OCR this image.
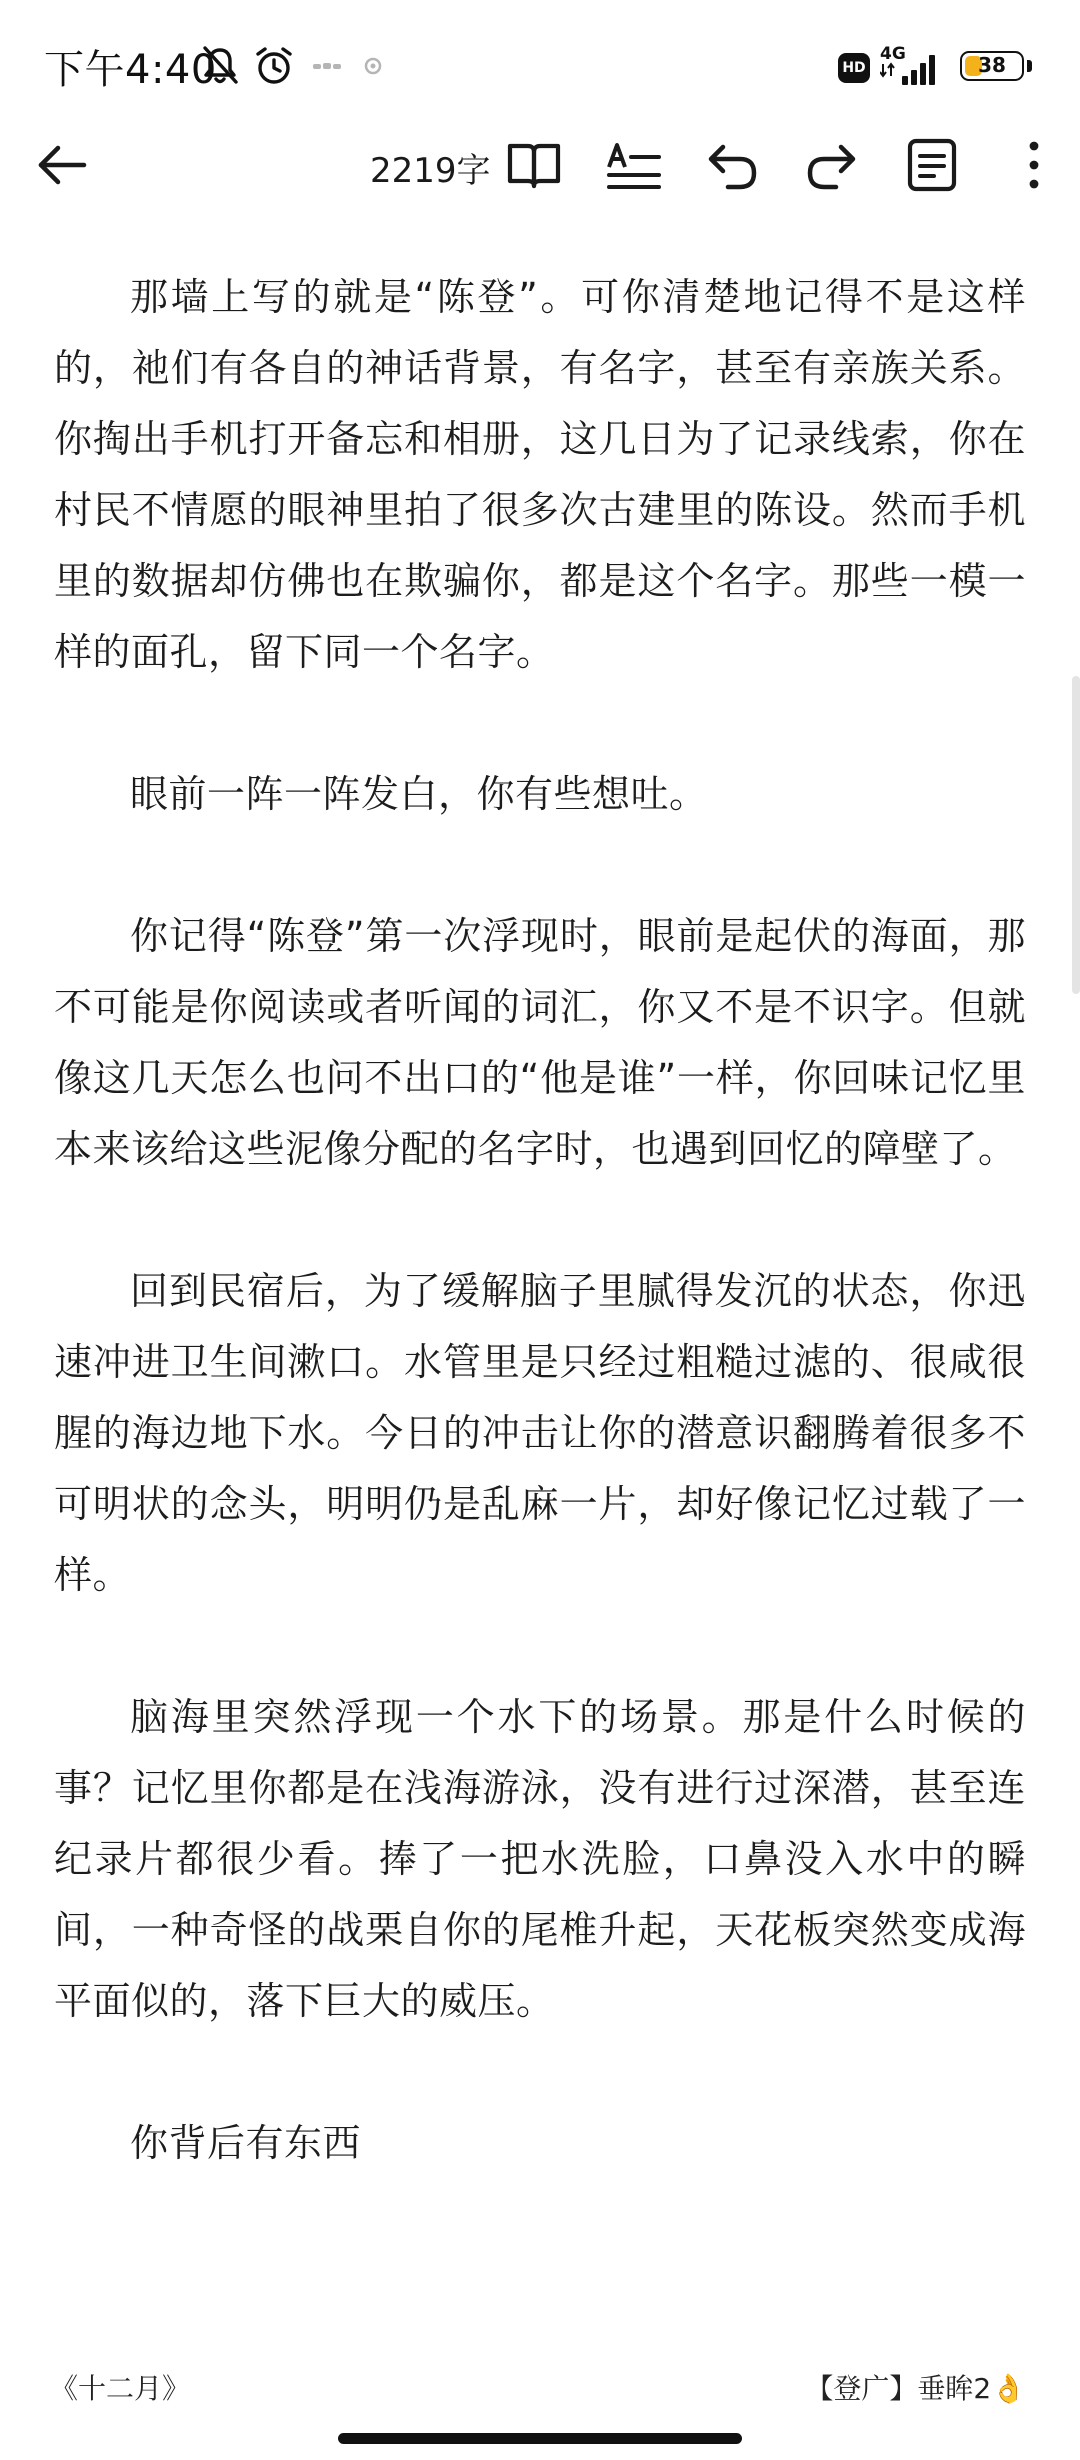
下午4:40	HD
4G	38
2219字

那墙上写的就是“陈登”。可你清楚地记得不是这样的，祂们有各自的神话背景，有名字，甚至有亲族关系。你掏出手机打开备忘和相册，这几日为了记录线索，你在村民不情愿的眼神里拍了很多次古建里的陈设。然而手机里的数据却仿佛也在欺骗你，都是这个名字。那些一模一样的面孔，留下同一个名字。

眼前一阵一阵发白，你有些想吐。

你记得“陈登”第一次浮现时，眼前是起伏的海面，那不可能是你阅读或者听闻的词汇，你又不是不识字。但就像这几天怎么也问不出口的“他是谁”一样，你回味记忆里本来该给这些泥像分配的名字时，也遇到回忆的障壁了。

回到民宿后，为了缓解脑子里腻得发沉的状态，你迅速冲进卫生间漱口。水管里是只经过粗糙过滤的、很咸很腥的海边地下水。今日的冲击让你的潜意识翻腾着很多不可明状的念头，明明仍是乱麻一片，却好像记忆过载了一样。

脑海里突然浮现一个水下的场景。那是什么时候的事？记忆里你都是在浅海游泳，没有进行过深潜，甚至连纪录片都很少看。捧了一把水洗脸，口鼻没入水中的瞬间，一种奇怪的战栗自你的尾椎升起，天花板突然变成海平面似的，落下巨大的威压。

你背后有东西

《十二月》	【登广】垂眸2👌
